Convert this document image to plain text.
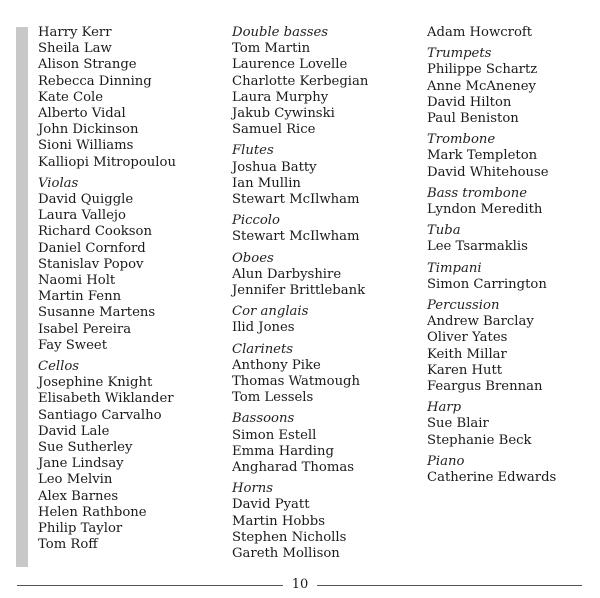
Harry Kerr
Sheila Law
Alison Strange
Rebecca Dinning
Kate Cole
Alberto Vidal
John Dickinson
Sioni Williams
Kalliopi Mitropoulou
Violas
David Quiggle
Laura Vallejo
Richard Cookson
Daniel Cornford
Stanislav Popov
Naomi Holt
Martin Fenn
Susanne Martens
Isabel Pereira
Fay Sweet
Cellos
Josephine Knight
Elisabeth Wiklander
Santiago Carvalho
David Lale
Sue Sutherley
Jane Lindsay
Leo Melvin
Alex Barnes
Helen Rathbone
Philip Taylor
Tom Roff
Double basses
Tom Martin
Laurence Lovelle
Charlotte Kerbegian
Laura Murphy
Jakub Cywinski
Samuel Rice
Flutes
Joshua Batty
Ian Mullin
Stewart McIlwham
Piccolo
Stewart McIlwham
Oboes
Alun Darbyshire
Jennifer Brittlebank
Cor anglais
Ilid Jones
Clarinets
Anthony Pike
Thomas Watmough
Tom Lessels
Bassoons
Simon Estell
Emma Harding
Angharad Thomas
Horns
David Pyatt
Martin Hobbs
Stephen Nicholls
Gareth Mollison
Adam Howcroft
Trumpets
Philippe Schartz
Anne McAneney
David Hilton
Paul Beniston
Trombone
Mark Templeton
David Whitehouse
Bass trombone
Lyndon Meredith
Tuba
Lee Tsarmaklis
Timpani
Simon Carrington
Percussion
Andrew Barclay
Oliver Yates
Keith Millar
Karen Hutt
Feargus Brennan
Harp
Sue Blair
Stephanie Beck
Piano
Catherine Edwards
10
